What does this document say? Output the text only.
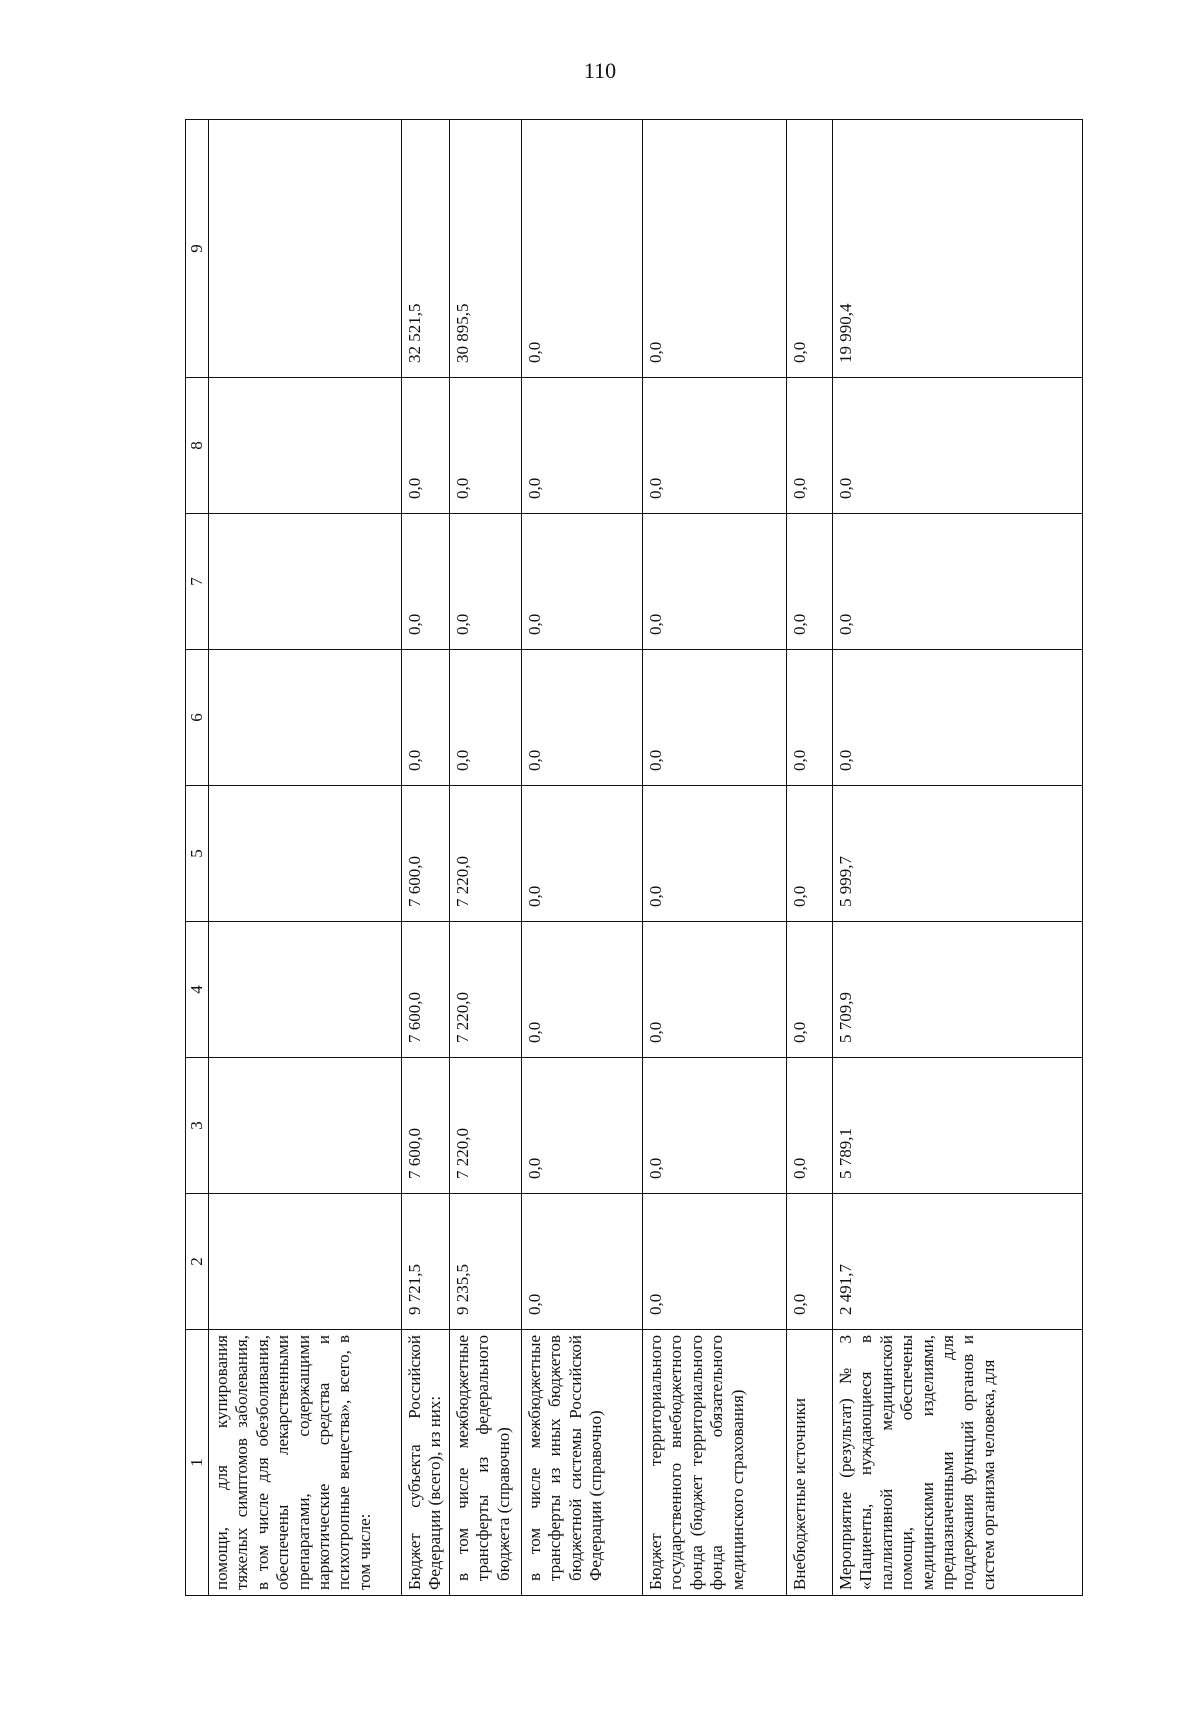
110
1	2	3	4	5	6	7	8	9
помощи, для купирования тяжелых симптомов заболевания, в том числе для обезболивания, обеспечены лекарственными препаратами, содержащими наркотические средства и психотропные вещества», всего, в том числе:								
Бюджет субъекта Российской Федерации (всего), из них:	9 721,5	7 600,0	7 600,0	7 600,0	0,0	0,0	0,0	32 521,5
в том числе межбюджетные трансферты из федерального бюджета (справочно)	9 235,5	7 220,0	7 220,0	7 220,0	0,0	0,0	0,0	30 895,5
в том числе межбюджетные трансферты из иных бюджетов бюджетной системы Российской Федерации (справочно)	0,0	0,0	0,0	0,0	0,0	0,0	0,0	0,0
Бюджет территориального государственного внебюджетного фонда (бюджет территориального фонда обязательного медицинского страхования)	0,0	0,0	0,0	0,0	0,0	0,0	0,0	0,0
Внебюджетные источники	0,0	0,0	0,0	0,0	0,0	0,0	0,0	0,0
Мероприятие (результат) № 3 «Пациенты, нуждающиеся в паллиативной медицинской помощи, обеспечены медицинскими изделиями, предназначенными для поддержания функций органов и систем организма человека, для	2 491,7	5 789,1	5 709,9	5 999,7	0,0	0,0	0,0	19 990,4
